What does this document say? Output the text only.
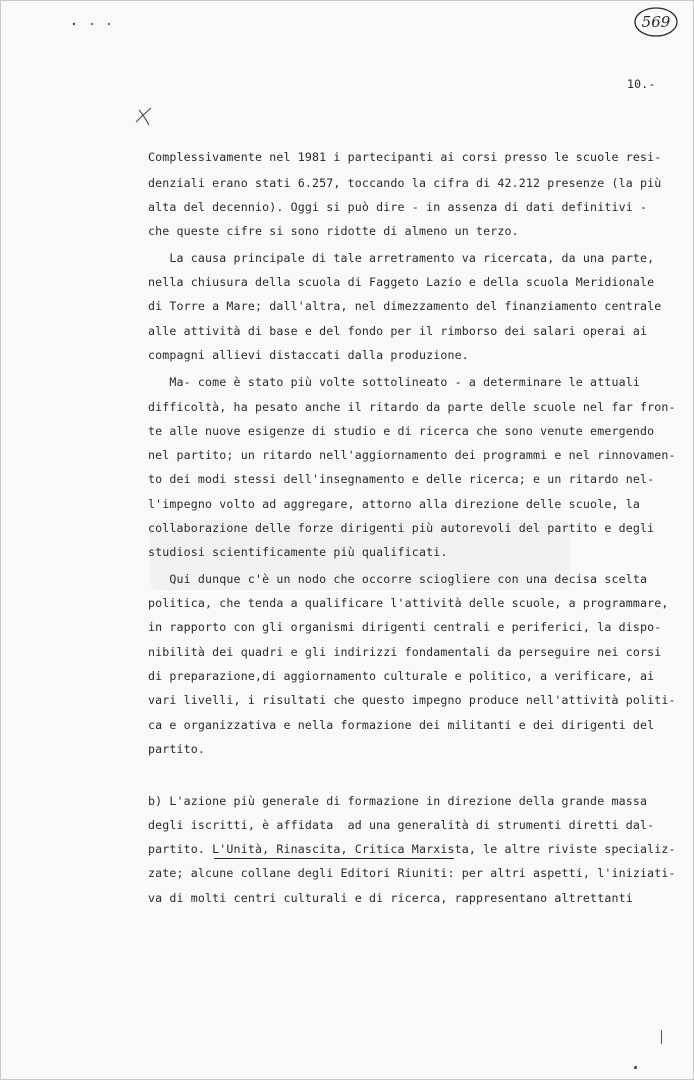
569
10.-
Complessivamente nel 1981 i partecipanti ai corsi presso le scuole resi-
denziali erano stati 6.257, toccando la cifra di 42.212 presenze (la più
alta del decennio). Oggi si può dire - in assenza di dati definitivi -
che queste cifre si sono ridotte di almeno un terzo.
La causa principale di tale arretramento va ricercata, da una parte,
nella chiusura della scuola di Faggeto Lazio e della scuola Meridionale
di Torre a Mare; dall'altra, nel dimezzamento del finanziamento centrale
alle attività di base e del fondo per il rimborso dei salari operai ai
compagni allievi distaccati dalla produzione.
Ma- come è stato più volte sottolineato - a determinare le attuali
difficoltà, ha pesato anche il ritardo da parte delle scuole nel far fron-
te alle nuove esigenze di studio e di ricerca che sono venute emergendo
nel partito; un ritardo nell'aggiornamento dei programmi e nel rinnovamen-
to dei modi stessi dell'insegnamento e delle ricerca; e un ritardo nel-
l'impegno volto ad aggregare, attorno alla direzione delle scuole, la
collaborazione delle forze dirigenti più autorevoli del partito e degli
studiosi scientificamente più qualificati.
Qui dunque c'è un nodo che occorre sciogliere con una decisa scelta
politica, che tenda a qualificare l'attività delle scuole, a programmare,
in rapporto con gli organismi dirigenti centrali e periferici, la dispo-
nibilità dei quadri e gli indirizzi fondamentali da perseguire nei corsi
di preparazione,di aggiornamento culturale e politico, a verificare, ai
vari livelli, i risultati che questo impegno produce nell'attività politi-
ca e organizzativa e nella formazione dei militanti e dei dirigenti del
partito.
b) L'azione più generale di formazione in direzione della grande massa
degli iscritti, è affidata  ad una generalità di strumenti diretti dal-
partito. L'Unità, Rinascita, Critica Marxista, le altre riviste specializ-
zate; alcune collane degli Editori Riuniti: per altri aspetti, l'iniziati-
va di molti centri culturali e di ricerca, rappresentano altrettanti
